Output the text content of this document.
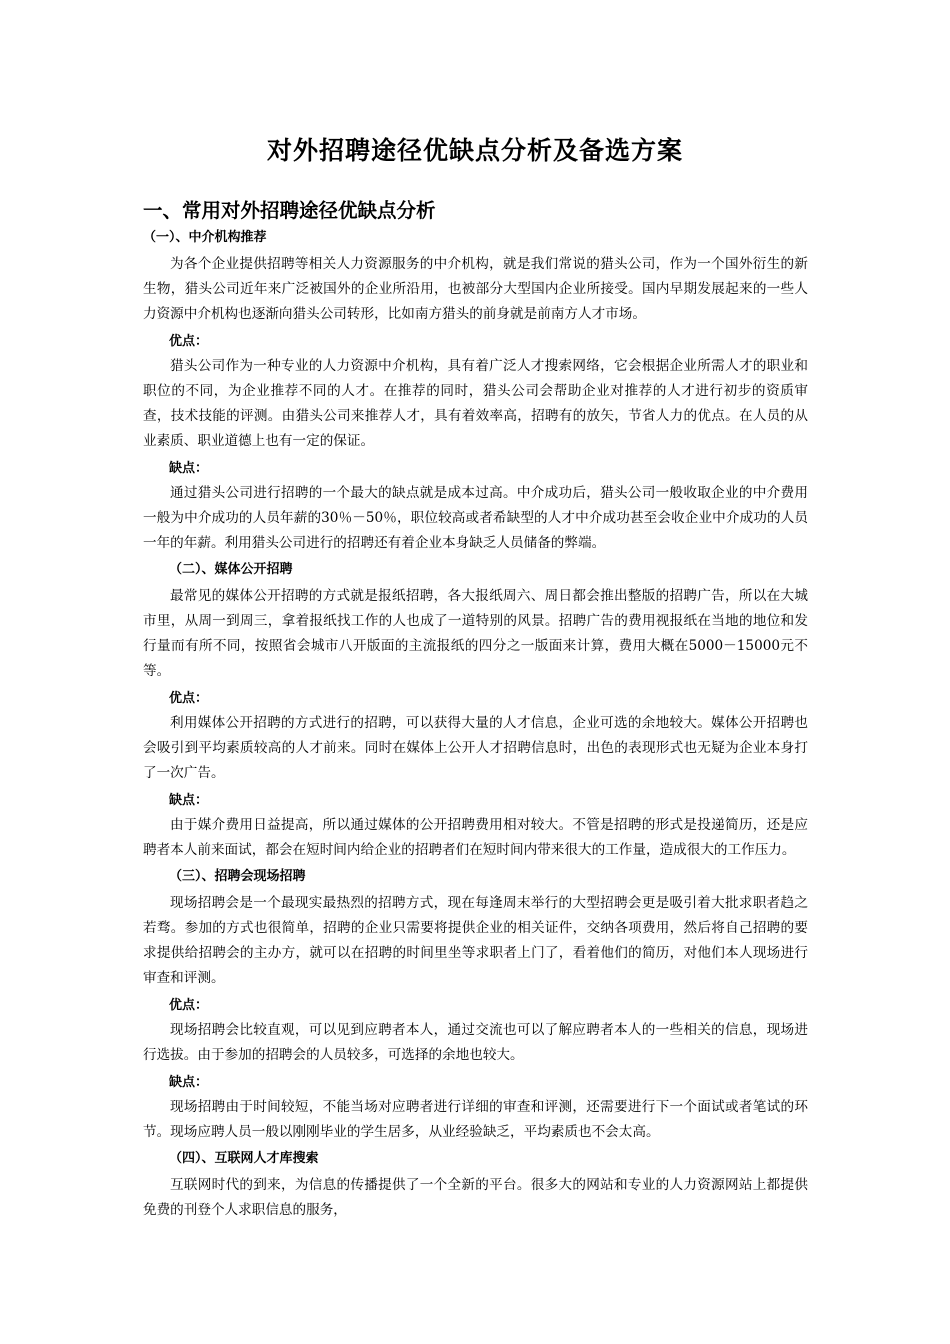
对外招聘途径优缺点分析及备选方案
一、常用对外招聘途径优缺点分析
（一）、中介机构推荐

为各个企业提供招聘等相关人力资源服务的中介机构，就是我们常说的猎头公司，作为一个国外衍生的新生物，猎头公司近年来广泛被国外的企业所沿用，也被部分大型国内企业所接受。国内早期发展起来的一些人力资源中介机构也逐渐向猎头公司转形，比如南方猎头的前身就是前南方人才市场。

优点：

猎头公司作为一种专业的人力资源中介机构，具有着广泛人才搜索网络，它会根据企业所需人才的职业和职位的不同，为企业推荐不同的人才。在推荐的同时，猎头公司会帮助企业对推荐的人才进行初步的资质审查，技术技能的评测。由猎头公司来推荐人才，具有着效率高，招聘有的放矢，节省人力的优点。在人员的从业素质、职业道德上也有一定的保证。

缺点：

通过猎头公司进行招聘的一个最大的缺点就是成本过高。中介成功后，猎头公司一般收取企业的中介费用一般为中介成功的人员年薪的30％－50％，职位较高或者希缺型的人才中介成功甚至会收企业中介成功的人员一年的年薪。利用猎头公司进行的招聘还有着企业本身缺乏人员储备的弊端。

（二）、媒体公开招聘

最常见的媒体公开招聘的方式就是报纸招聘，各大报纸周六、周日都会推出整版的招聘广告，所以在大城市里，从周一到周三，拿着报纸找工作的人也成了一道特别的风景。招聘广告的费用视报纸在当地的地位和发行量而有所不同，按照省会城市八开版面的主流报纸的四分之一版面来计算，费用大概在5000－15000元不等。

优点：

利用媒体公开招聘的方式进行的招聘，可以获得大量的人才信息，企业可选的余地较大。媒体公开招聘也会吸引到平均素质较高的人才前来。同时在媒体上公开人才招聘信息时，出色的表现形式也无疑为企业本身打了一次广告。

缺点：

由于媒介费用日益提高，所以通过媒体的公开招聘费用相对较大。不管是招聘的形式是投递简历，还是应聘者本人前来面试，都会在短时间内给企业的招聘者们在短时间内带来很大的工作量，造成很大的工作压力。

（三）、招聘会现场招聘

现场招聘会是一个最现实最热烈的招聘方式，现在每逢周末举行的大型招聘会更是吸引着大批求职者趋之若骛。参加的方式也很简单，招聘的企业只需要将提供企业的相关证件，交纳各项费用，然后将自己招聘的要求提供给招聘会的主办方，就可以在招聘的时间里坐等求职者上门了，看着他们的简历，对他们本人现场进行审查和评测。

优点：

现场招聘会比较直观，可以见到应聘者本人，通过交流也可以了解应聘者本人的一些相关的信息，现场进行选拔。由于参加的招聘会的人员较多，可选择的余地也较大。

缺点：

现场招聘由于时间较短，不能当场对应聘者进行详细的审查和评测，还需要进行下一个面试或者笔试的环节。现场应聘人员一般以刚刚毕业的学生居多，从业经验缺乏，平均素质也不会太高。

（四）、互联网人才库搜索

互联网时代的到来，为信息的传播提供了一个全新的平台。很多大的网站和专业的人力资源网站上都提供免费的刊登个人求职信息的服务，
